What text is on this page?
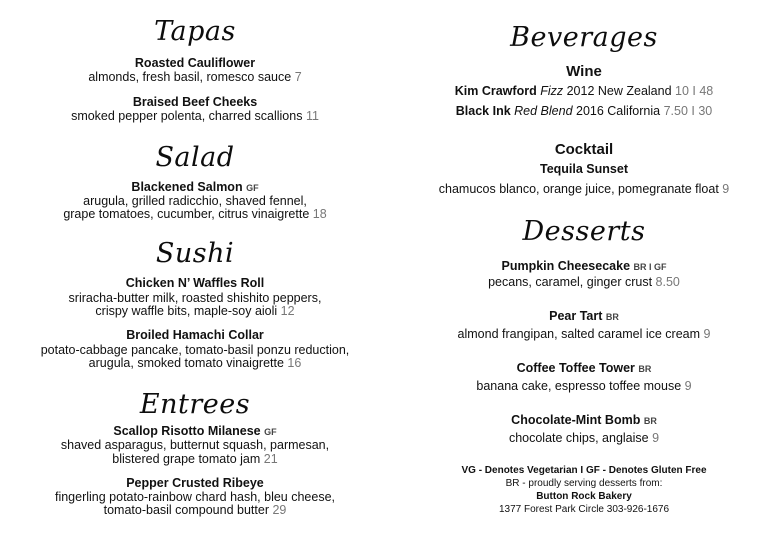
Tapas
Roasted Cauliflower
almonds, fresh basil, romesco sauce 7
Braised Beef Cheeks
smoked pepper polenta, charred scallions 11
Salad
Blackened Salmon GF
arugula, grilled radicchio, shaved fennel,
grape tomatoes, cucumber, citrus vinaigrette 18
Sushi
Chicken N’ Waffles Roll
sriracha-butter milk, roasted shishito peppers,
crispy waffle bits, maple-soy aioli 12
Broiled Hamachi Collar
potato-cabbage pancake, tomato-basil ponzu reduction,
arugula, smoked tomato vinaigrette 16
Entrees
Scallop Risotto Milanese GF
shaved asparagus, butternut squash, parmesan,
blistered grape tomato jam 21
Pepper Crusted Ribeye
fingerling potato-rainbow chard hash, bleu cheese,
tomato-basil compound butter 29
Beverages
Wine
Kim Crawford Fizz 2012 New Zealand 10 I 48
Black Ink Red Blend 2016 California 7.50 I 30
Cocktail
Tequila Sunset
chamucos blanco, orange juice, pomegranate float 9
Desserts
Pumpkin Cheesecake BR I GF
pecans, caramel, ginger crust 8.50
Pear Tart BR
almond frangipan, salted caramel ice cream 9
Coffee Toffee Tower BR
banana cake, espresso toffee mouse 9
Chocolate-Mint Bomb BR
chocolate chips, anglaise 9
VG - Denotes Vegetarian I GF - Denotes Gluten Free
BR - proudly serving desserts from:
Button Rock Bakery
1377 Forest Park Circle 303-926-1676
